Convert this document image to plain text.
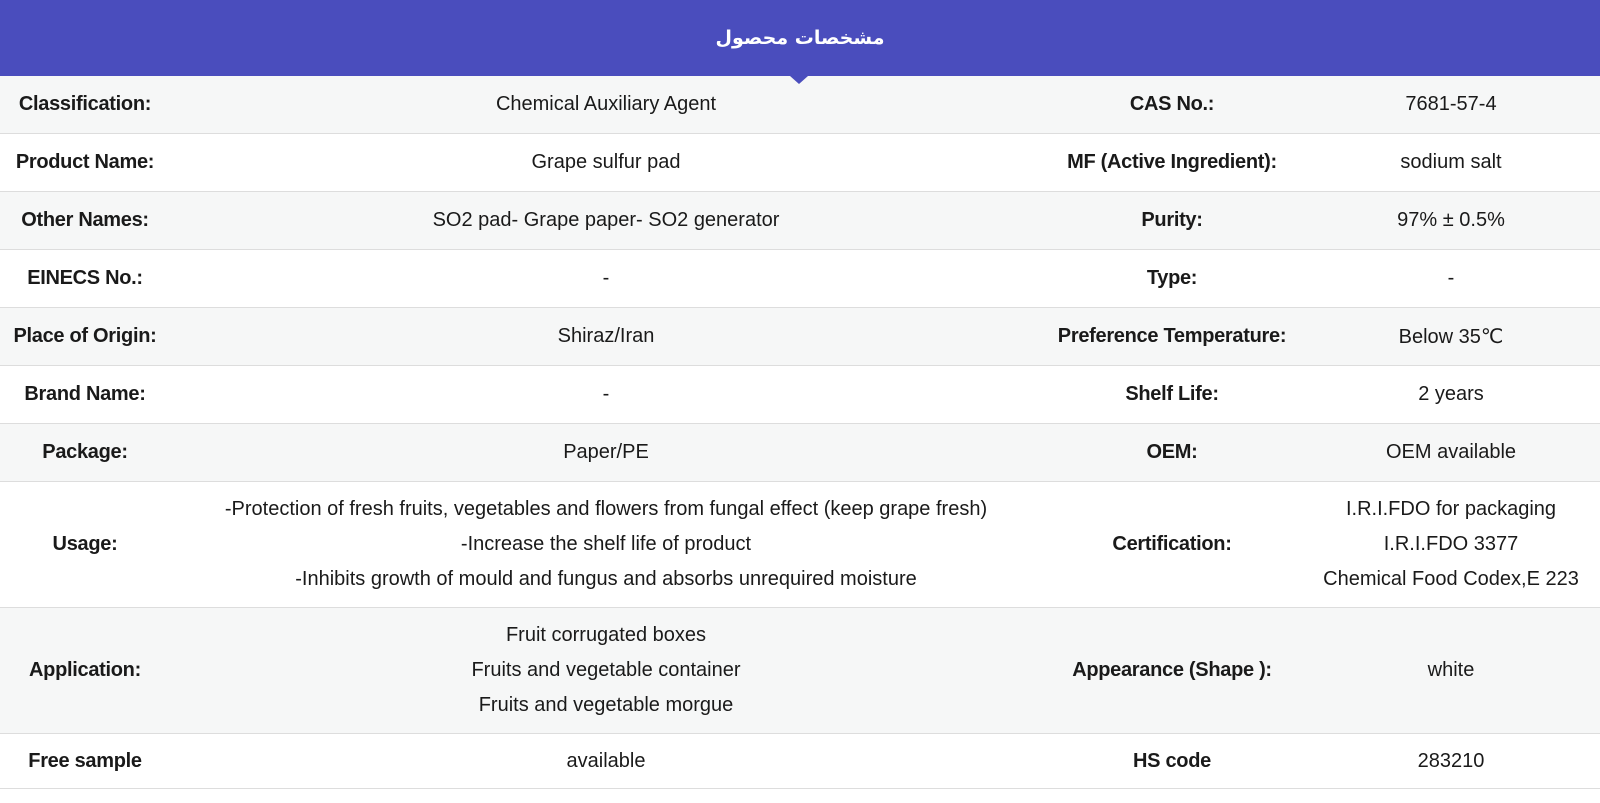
مشخصات محصول
Classification:	Chemical Auxiliary Agent	CAS No.:	7681-57-4
Product Name:	Grape sulfur pad	MF (Active Ingredient):	sodium salt
Other Names:	SO2 pad- Grape paper- SO2 generator	Purity:	97% ± 0.5%
EINECS No.:	-	Type:	-
Place of Origin:	Shiraz/Iran	Preference Temperature:	Below 35℃
Brand Name:	-	Shelf Life:	2 years
Package:	Paper/PE	OEM:	OEM available
Usage:	-Protection of fresh fruits, vegetables and flowers from fungal effect (keep grape fresh)
-Increase the shelf life of product
-Inhibits growth of mould and fungus and absorbs unrequired moisture	Certification:	I.R.I.FDO for packaging
I.R.I.FDO 3377
Chemical Food Codex,E 223

Application:	Fruit corrugated boxes
Fruits and vegetable container
Fruits and vegetable morgue	Appearance (Shape ):	white
Free sample	available	HS code	283210
